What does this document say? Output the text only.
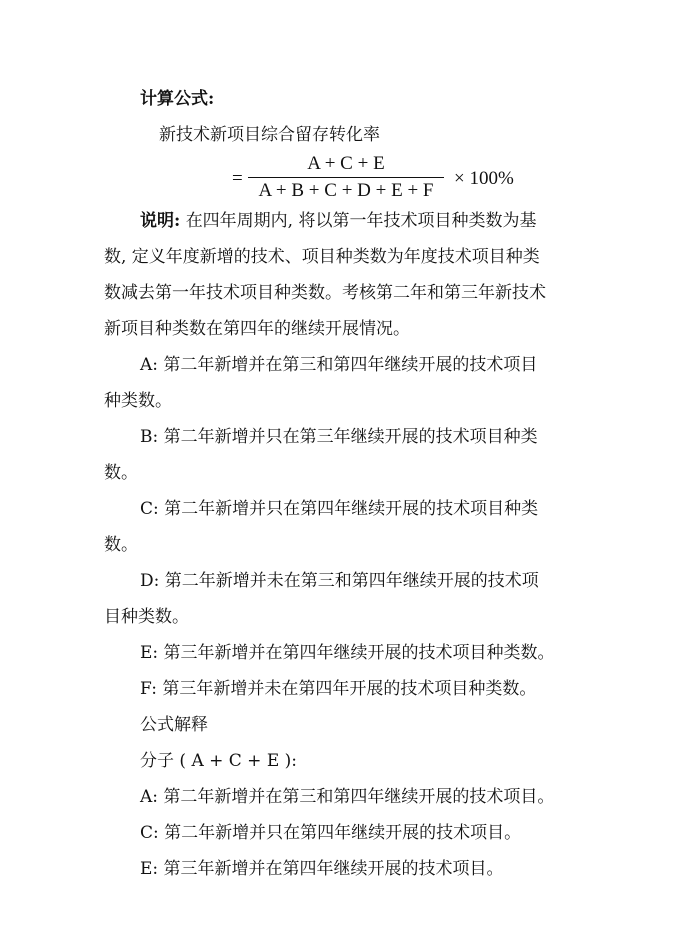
计算公式:
新技术新项目综合留存转化率
=
A + C + E
A + B + C + D + E + F
× 100%
说明: 在四年周期内, 将以第一年技术项目种类数为基
数, 定义年度新增的技术、项目种类数为年度技术项目种类
数减去第一年技术项目种类数。考核第二年和第三年新技术
新项目种类数在第四年的继续开展情况。
A: 第二年新增并在第三和第四年继续开展的技术项目
种类数。
B: 第二年新增并只在第三年继续开展的技术项目种类
数。
C: 第二年新增并只在第四年继续开展的技术项目种类
数。
D: 第二年新增并未在第三和第四年继续开展的技术项
目种类数。
E: 第三年新增并在第四年继续开展的技术项目种类数。
F: 第三年新增并未在第四年开展的技术项目种类数。
公式解释
分子 ( A + C + E ):
A: 第二年新增并在第三和第四年继续开展的技术项目。
C: 第二年新增并只在第四年继续开展的技术项目。
E: 第三年新增并在第四年继续开展的技术项目。
